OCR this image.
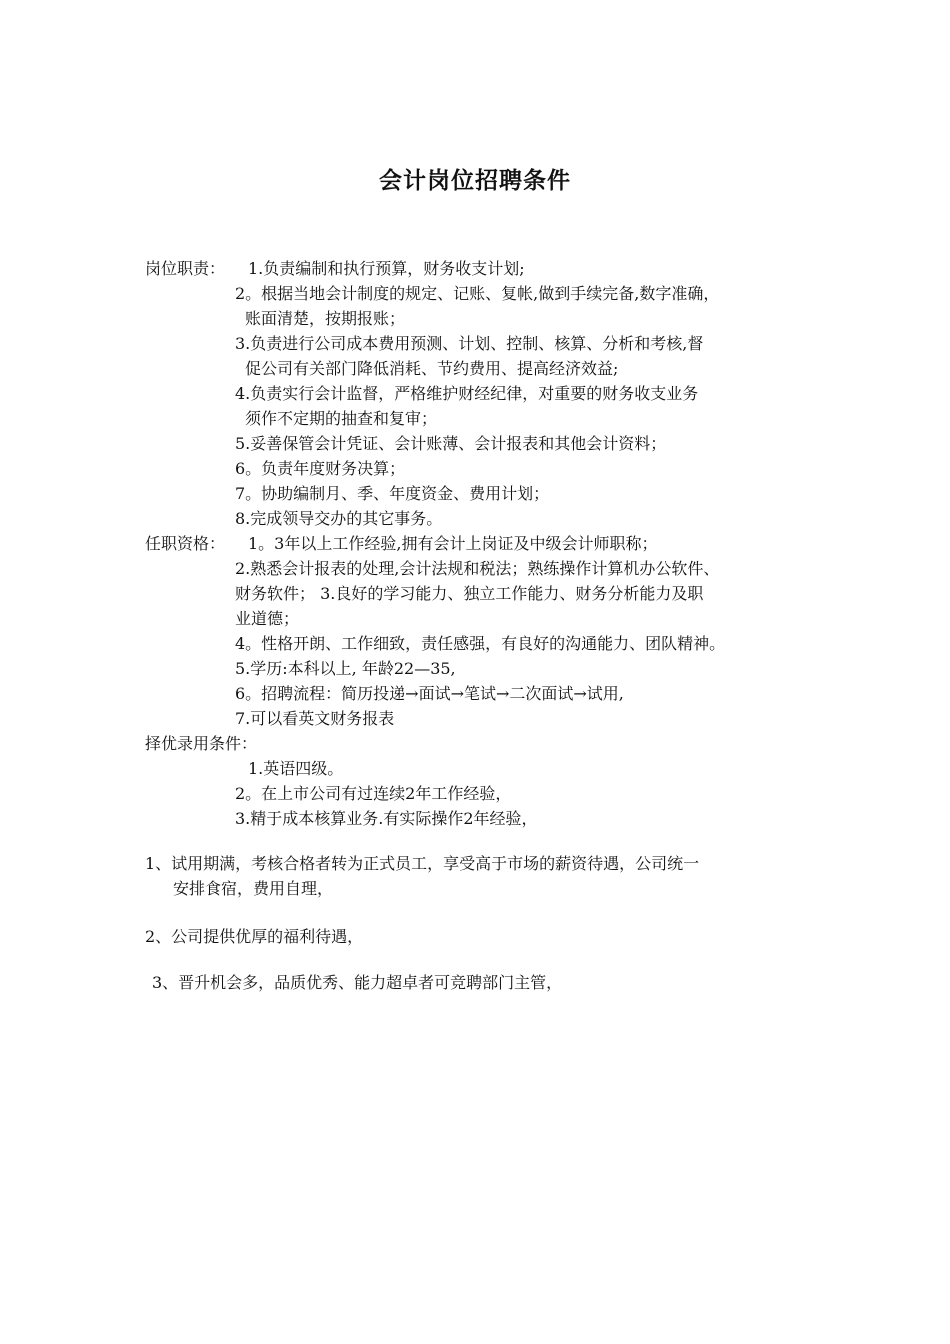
会计岗位招聘条件
岗位职责： 1.负责编制和执行预算，财务收支计划;
2。根据当地会计制度的规定、记账、复帐,做到手续完备,数字准确，
账面清楚，按期报账；
3.负责进行公司成本费用预测、计划、控制、核算、分析和考核,督
促公司有关部门降低消耗、节约费用、提高经济效益;
4.负责实行会计监督，严格维护财经纪律，对重要的财务收支业务
须作不定期的抽查和复审；
5.妥善保管会计凭证、会计账薄、会计报表和其他会计资料；
6。负责年度财务决算；
7。协助编制月、季、年度资金、费用计划；
8.完成领导交办的其它事务。
任职资格： 1。3年以上工作经验,拥有会计上岗证及中级会计师职称；
2.熟悉会计报表的处理,会计法规和税法；熟练操作计算机办公软件、
财务软件； 3.良好的学习能力、独立工作能力、财务分析能力及职
业道德；
4。性格开朗、工作细致，责任感强，有良好的沟通能力、团队精神。
5.学历:本科以上, 年龄22—35,
6。招聘流程：简历投递→面试→笔试→二次面试→试用,
7.可以看英文财务报表
择优录用条件：
1.英语四级。
2。在上市公司有过连续2年工作经验，
3.精于成本核算业务.有实际操作2年经验，
1、试用期满，考核合格者转为正式员工，享受高于市场的薪资待遇，公司统一
安排食宿，费用自理，
2、公司提供优厚的福利待遇，
3、晋升机会多，品质优秀、能力超卓者可竞聘部门主管，
